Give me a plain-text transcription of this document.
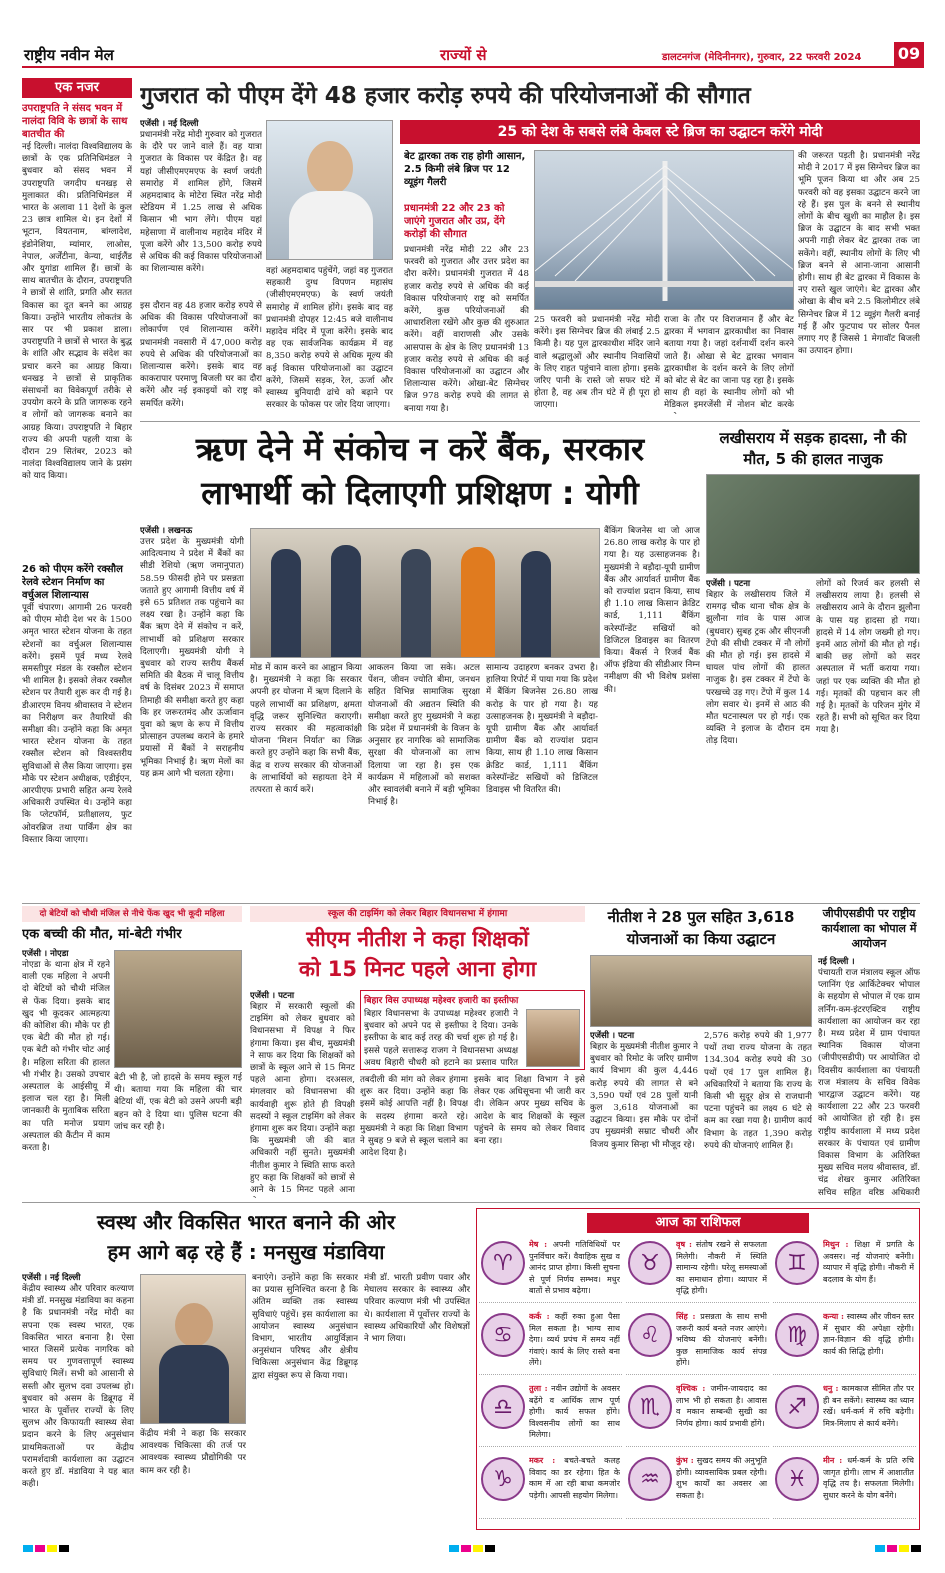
राष्ट्रीय नवीन मेल	राज्यों से	डालटनगंज (मेदिनीनगर), गुरुवार, 22 फरवरी 2024 09
एक नजर
उपराष्ट्रपति ने संसद भवन में नालंदा विवि के छात्रों के साथ बातचीत की
नई दिल्ली। नालंदा विश्वविद्यालय के छात्रों के एक प्रतिनिधिमंडल ने बुधवार को संसद भवन में उपराष्ट्रपति जगदीप धनखड़ से मुलाकात की। प्रतिनिधिमंडल में भारत के अलावा 11 देशों के कुल 23 छात्र शामिल थे। इन देशों में भूटान, वियतनाम, बांग्लादेश, इंडोनेशिया, म्यांमार, लाओस, नेपाल, अर्जेंटीना, केन्या, थाईलैंड और युगांडा शामिल हैं। छात्रों के साथ बातचीत के दौरान, उपराष्ट्रपति ने छात्रों से शांति, प्रगति और सतत विकास का दूत बनने का आग्रह किया। उन्होंने भारतीय लोकतंत्र के सार पर भी प्रकाश डाला। उपराष्ट्रपति ने छात्रों से भारत के बुद्ध के शांति और सद्भाव के संदेश का प्रचार करने का आग्रह किया। धनखड़ ने छात्रों से प्राकृतिक संसाधनों का विवेकपूर्ण तरीके से उपयोग करने के प्रति जागरूक रहने व लोगों को जागरूक बनाने का आग्रह किया। उपराष्ट्रपति ने बिहार राज्य की अपनी पहली यात्रा के दौरान 29 सितंबर, 2023 को नालंदा विश्वविद्यालय जाने के प्रसंग को याद किया।
26 को पीएम करेंगे रक्सौल रेलवे स्टेशन निर्माण का वर्चुअल शिलान्यास
पूर्वी चंपारण। आगामी 26 फरवरी को पीएम मोदी देश भर के 1500 अमृत भारत स्टेशन योजना के तहत स्टेशनों का वर्चुअल शिलान्यास करेंगे। इसमें पूर्व मध्य रेलवे समस्तीपुर मंडल के रक्सौल स्टेशन भी शामिल है। इसको लेकर रक्सौल स्टेशन पर तैयारी शुरू कर दी गई है। डीआरएम विनय श्रीवास्तव ने स्टेशन का निरीक्षण कर तैयारियों की समीक्षा की। उन्होंने कहा कि अमृत भारत स्टेशन योजना के तहत रक्सौल स्टेशन को विश्वस्तरीय सुविधाओं से लैस किया जाएगा। इस मौके पर स्टेशन अधीक्षक, एडीईएन, आरपीएफ प्रभारी सहित अन्य रेलवे अधिकारी उपस्थित थे। उन्होंने कहा कि प्लेटफॉर्म, प्रतीक्षालय, फुट ओवरब्रिज तथा पार्किंग क्षेत्र का विस्तार किया जाएगा।
गुजरात को पीएम देंगे 48 हजार करोड़ रुपये की परियोजनाओं की सौगात
एजेंसी । नई दिल्ली
प्रधानमंत्री नरेंद्र मोदी गुरुवार को गुजरात के दौरे पर जाने वाले हैं। वह यात्रा गुजरात के विकास पर केंद्रित है। वह यहां जीसीएमएमएफ के स्वर्ण जयंती समारोह में शामिल होंगे, जिसमें अहमदाबाद के मोटेरा स्थित नरेंद्र मोदी स्टेडियम में 1.25 लाख से अधिक किसान भी भाग लेंगे। पीएम यहां महेसाणा में वालीनाथ महादेव मंदिर में पूजा करेंगे और 13,500 करोड़ रुपये से अधिक की कई विकास परियोजनाओं का शिलान्यास करेंगे।	वहां अहमदाबाद पहुंचेंगे, जहां वह गुजरात सहकारी दुग्ध विपणन महासंघ (जीसीएमएमएफ) के स्वर्ण जयंती समारोह में शामिल होंगे। इसके बाद वह प्रधानमंत्री दोपहर 12:45 बजे वालीनाथ महादेव मंदिर में पूजा करेंगे। इसके बाद वह एक सार्वजनिक कार्यक्रम में वह 8,350 करोड़ रुपये से अधिक मूल्य की कई विकास परियोजनाओं का उद्घाटन करेंगे, जिसमें सड़क, रेल, ऊर्जा और स्वास्थ्य बुनियादी ढांचे को बढ़ाने पर सरकार के फोकस पर जोर दिया जाएगा।
इस दौरान वह 48 हजार करोड़ रुपये से अधिक की विकास परियोजनाओं का लोकार्पण एवं शिलान्यास करेंगे। प्रधानमंत्री नवसारी में 47,000 करोड़ रुपये से अधिक की परियोजनाओं का शिलान्यास करेंगे। इसके बाद वह काकरापार परमाणु बिजली घर का दौरा करेंगे और नई इकाइयों को राष्ट्र को समर्पित करेंगे।
25 को देश के सबसे लंबे केबल स्टे ब्रिज का उद्घाटन करेंगे मोदी
बेट द्वारका तक राह होगी आसान, 2.5 किमी लंबे ब्रिज पर 12 व्यूइंग गैलरी
प्रधानमंत्री 22 और 23 को जाएंगे गुजरात और उप्र, देंगे करोड़ों की सौगात
प्रधानमंत्री नरेंद्र मोदी 22 और 23 फरवरी को गुजरात और उत्तर प्रदेश का दौरा करेंगे। प्रधानमंत्री गुजरात में 48 हजार करोड़ रुपये से अधिक की कई विकास परियोजनाएं राष्ट्र को समर्पित करेंगे, कुछ परियोजनाओं की आधारशिला रखेंगे और कुछ की शुरुआत करेंगे। वहीं वाराणसी और उसके आसपास के क्षेत्र के लिए प्रधानमंत्री 13 हजार करोड़ रुपये से अधिक की कई विकास परियोजनाओं का उद्घाटन और शिलान्यास करेंगे। ओखा-बेट सिग्नेचर ब्रिज 978 करोड़ रुपये की लागत से बनाया गया है।
25 फरवरी को प्रधानमंत्री नरेंद्र मोदी करेंगे। इस सिग्नेचर ब्रिज की लंबाई 2.5 किमी है। यह पुल द्वारकाधीश मंदिर जाने वाले श्रद्धालुओं और स्थानीय निवासियों के लिए राहत पहुंचाने वाला होगा। इसके जरिए पानी के रास्ते जो सफर घंटे में होता है, वह अब तीन घंटे में ही पूरा हो जाएगा।
राजा के तौर पर विराजमान हैं और बेट द्वारका में भगवान द्वारकाधीश का निवास बताया गया है। जहां दर्शनार्थी दर्शन करने जाते हैं। ओखा से बेट द्वारका भगवान द्वारकाधीश के दर्शन करने के लिए लोगों को बोट से बेट का जाना पड़ रहा है। इसके साथ ही वहां के स्थानीय लोगों को भी मेडिकल इमरजेंसी में नोशन बोट करके
की जरूरत पड़ती है। प्रधानमंत्री नरेंद्र मोदी ने 2017 में इस सिग्नेचर ब्रिज का भूमि पूजन किया था और अब 25 फरवरी को वह इसका उद्घाटन करने जा रहे हैं। इस पुल के बनने से स्थानीय लोगों के बीच खुशी का माहौल है। इस ब्रिज के उद्घाटन के बाद सभी भक्त अपनी गाड़ी लेकर बेट द्वारका तक जा सकेंगे। वहीं, स्थानीय लोगों के लिए भी ब्रिज बनने से आना-जाना आसानी होगी। साथ ही बेट द्वारका में विकास के नए रास्ते खुल जाएंगे। बेट द्वारका और ओखा के बीच बने 2.5 किलोमीटर लंबे सिग्नेचर ब्रिज में 12 व्यूइंग गैलरी बनाई गई हैं और फुटपाथ पर सोलर पैनल लगाए गए हैं जिससे 1 मेगावॉट बिजली का उत्पादन होगा।
ऋण देने में संकोच न करें बैंक, सरकार
लाभार्थी को दिलाएगी प्रशिक्षण : योगी
एजेंसी । लखनऊ
उत्तर प्रदेश के मुख्यमंत्री योगी आदित्यनाथ ने प्रदेश में बैंकों का सीडी रेशियो (ऋण जमानुपात) 58.59 फीसदी होने पर प्रसन्नता जताते हुए आगामी वित्तीय वर्ष में इसे 65 प्रतिशत तक पहुंचाने का लक्ष्य रखा है। उन्होंने कहा कि बैंक ऋण देने में संकोच न करें, लाभार्थी को प्रशिक्षण सरकार दिलाएगी। मुख्यमंत्री योगी ने बुधवार को राज्य स्तरीय बैंकर्स समिति की बैठक में चालू वित्तीय वर्ष के दिसंबर 2023 में समाप्त तिमाही की समीक्षा करते हुए कहा कि हर जरूरतमंद और ऊर्जावान युवा को ऋण के रूप में वित्तीय प्रोत्साहन उपलब्ध कराने के हमारे प्रयासों में बैंकों ने सराहनीय भूमिका निभाई है। ऋण मेलों का यह क्रम आगे भी चलता रहेगा।
मोड में काम करने का आह्वान किया है। मुख्यमंत्री ने कहा कि सरकार अपनी हर योजना में ऋण दिलाने के पहले लाभार्थी का प्रशिक्षण, क्षमता वृद्धि जरूर सुनिश्चित कराएगी। राज्य सरकार की महत्वाकांक्षी योजना 'मिशन निर्यात' का जिक्र करते हुए उन्होंने कहा कि सभी बैंक, केंद्र व राज्य सरकार की योजनाओं के लाभार्थियों को सहायता देने में तत्परता से कार्य करें।
आकलन किया जा सके। अटल पेंशन, जीवन ज्योति बीमा, जनधन सहित विभिन्न सामाजिक सुरक्षा योजनाओं की अद्यतन स्थिति की समीक्षा करते हुए मुख्यमंत्री ने कहा कि प्रदेश में प्रधानमंत्री के विजन के अनुसार हर नागरिक को सामाजिक सुरक्षा की योजनाओं का लाभ दिलाया जा रहा है। इस एक कार्यक्रम में महिलाओं को सशक्त और स्वावलंबी बनाने में बड़ी भूमिका निभाई है।
सामान्य उदाहरण बनकर उभरा है। हालिया रिपोर्ट में पाया गया कि प्रदेश में बैंकिंग बिजनेस 26.80 लाख करोड़ के पार हो गया है। यह उत्साहजनक है। मुख्यमंत्री ने बड़ौदा-यूपी ग्रामीण बैंक और आर्यावर्त ग्रामीण बैंक को राज्यांश प्रदान किया, साथ ही 1.10 लाख किसान क्रेडिट कार्ड, 1,111 बैंकिंग करेस्पॉन्डेंट सखियों को डिजिटल डिवाइस भी वितरित की।
बैंकिंग बिजनेस था जो आज 26.80 लाख करोड़ के पार हो गया है। यह उत्साहजनक है। मुख्यमंत्री ने बड़ौदा-यूपी ग्रामीण बैंक और आर्यावर्त ग्रामीण बैंक को राज्यांश प्रदान किया, साथ ही 1.10 लाख किसान क्रेडिट कार्ड, 1,111 बैंकिंग करेस्पॉन्डेंट सखियों को डिजिटल डिवाइस का वितरण किया। बैंकर्स ने रिजर्व बैंक ऑफ इंडिया की सीडीआर निम्न नमीक्षण की भी विशेष प्रशंसा की।
लखीसराय में सड़क हादसा, नौ की मौत, 5 की हालत नाजुक
एजेंसी । पटना
बिहार के लखीसराय जिले में रामगढ़ चौक थाना चौक क्षेत्र के झुलौना गांव के पास आज (बुधवार) सुबह ट्रक और सीएनजी टेंपो की सीधी टक्कर में नौ लोगों की मौत हो गई। इस हादसे में घायल पांच लोगों की हालत नाजुक है। इस टक्कर में टेंपो के परखच्चे उड़ गए। टेंपो में कुल 14 लोग सवार थे। इनमें से आठ की मौत घटनास्थल पर हो गई। एक व्यक्ति ने इलाज के दौरान दम तोड़ दिया।
लोगों को रिजर्व कर हलसी से लखीसराय लाया है। हलसी से लखीसराय आने के दौरान झुलौना के पास यह हादसा हो गया। हादसे में 14 लोग जख्मी हो गए। इनमें आठ लोगों की मौत हो गई। बाकी छह लोगों को सदर अस्पताल में भर्ती कराया गया। जहां पर एक व्यक्ति की मौत हो गई। मृतकों की पहचान कर ली गई है। मृतकों के परिजन मुंगेर में रहते हैं। सभी को सूचित कर दिया गया है।
दो बेटियों को चौथी मंजिल से नीचे फेंक खुद भी कूदी महिला
एक बच्ची की मौत, मां-बेटी गंभीर
एजेंसी । नोएडा
नोएडा के थाना क्षेत्र में रहने वाली एक महिला ने अपनी दो बेटियों को चौथी मंजिल से फेंक दिया। इसके बाद खुद भी कूदकर आत्महत्या की कोशिश की। मौके पर ही एक बेटी की मौत हो गई। एक बेटी को गंभीर चोट आई है। महिला सरिता की हालत भी गंभीर है। उसको उपचार अस्पताल के आईसीयू में इलाज चल रहा है। मिली जानकारी के मुताबिक सरिता का पति मनोज प्रयाग अस्पताल की कैंटीन में काम करता है।
बेटी भी है, जो हादसे के समय स्कूल गई थी। बताया गया कि महिला की चार बेटियां थीं, एक बेटी को उसने अपनी बड़ी बहन को दे दिया था। पुलिस घटना की जांच कर रही है।
स्कूल की टाइमिंग को लेकर बिहार विधानसभा में हंगामा
सीएम नीतीश ने कहा शिक्षकों
को 15 मिनट पहले आना होगा
एजेंसी । पटना
बिहार में सरकारी स्कूलों की टाइमिंग को लेकर बुधवार को विधानसभा में विपक्ष ने फिर हंगामा किया। इस बीच, मुख्यमंत्री ने साफ कर दिया कि शिक्षकों को छात्रों के स्कूल आने से 15 मिनट पहले आना होगा। दरअसल, मंगलवार को विधानसभा की कार्यवाही शुरू होते ही विपक्षी सदस्यों ने स्कूल टाइमिंग को लेकर हंगामा शुरू कर दिया। उन्होंने कहा कि मुख्यमंत्री जी की बात अधिकारी नहीं सुनते। मुख्यमंत्री नीतीश कुमार ने स्थिति साफ करते हुए कहा कि शिक्षकों को छात्रों से आने के 15 मिनट पहले आना
बिहार विस उपाध्यक्ष महेश्वर हजारी का इस्तीफा
बिहार विधानसभा के उपाध्यक्ष महेश्वर हजारी ने बुधवार को अपने पद से इस्तीफा दे दिया। उनके इस्तीफा के बाद कई तरह की चर्चा शुरू हो गई है। इससे पहले सत्तारूढ़ राजग ने विधानसभा अध्यक्ष अवध बिहारी चौधरी को हटाने का प्रस्ताव पारित
तबदीली की मांग को लेकर हंगामा शुरू कर दिया। उन्होंने कहा कि इसमें कोई आपत्ति नहीं है। विपक्ष के सदस्य हंगामा करते रहे। मुख्यमंत्री ने कहा कि शिक्षा विभाग ने सुबह 9 बजे से स्कूल चलाने का आदेश दिया है।
इसके बाद शिक्षा विभाग ने इसे लेकर एक अधिसूचना भी जारी कर दी। लेकिन अपर मुख्य सचिव के आदेश के बाद शिक्षकों के स्कूल पहुंचने के समय को लेकर विवाद बना रहा।
नीतीश ने 28 पुल सहित 3,618
योजनाओं का किया उद्घाटन
एजेंसी । पटना
बिहार के मुख्यमंत्री नीतीश कुमार ने बुधवार को रिमोट के जरिए ग्रामीण कार्य विभाग की कुल 4,446 करोड़ रुपये की लागत से बने 3,590 पथों एवं 28 पुलों यानी कुल 3,618 योजनाओं का उद्घाटन किया। इस मौके पर दोनों उप मुख्यमंत्री सम्राट चौधरी और विजय कुमार सिन्हा भी मौजूद रहे।
2,576 करोड़ रुपये की 1,977 पथों तथा राज्य योजना के तहत 134.304 करोड़ रुपये की 30 पथों एवं 17 पुल शामिल हैं। अधिकारियों ने बताया कि राज्य के किसी भी सुदूर क्षेत्र से राजधानी पटना पहुंचने का लक्ष्य 6 घंटे से कम का रखा गया है। ग्रामीण कार्य विभाग के तहत 1,390 करोड़ रुपये की योजनाएं शामिल हैं।
जीपीएसडीपी पर राष्ट्रीय कार्यशाला का भोपाल में आयोजन
नई दिल्ली ।
पंचायती राज मंत्रालय स्कूल ऑफ प्लानिंग एंड आर्किटेक्चर भोपाल के सहयोग से भोपाल में एक ग्राम लर्निंग-कम-इंटरएक्टिव राष्ट्रीय कार्यशाला का आयोजन कर रहा है। मध्य प्रदेश में ग्राम पंचायत स्थानिक विकास योजना (जीपीएसडीपी) पर आयोजित दो दिवसीय कार्यशाला का पंचायती राज मंत्रालय के सचिव विवेक भारद्वाज उद्घाटन करेंगे। यह कार्यशाला 22 और 23 फरवरी को आयोजित हो रही है। इस राष्ट्रीय कार्यशाला में मध्य प्रदेश सरकार के पंचायत एवं ग्रामीण विकास विभाग के अतिरिक्त मुख्य सचिव मलय श्रीवास्तव, डॉ. चंद्र शेखर कुमार अतिरिक्त सचिव सहित वरिष्ठ अधिकारी
स्वस्थ और विकसित भारत बनाने की ओर
हम आगे बढ़ रहे हैं : मनसुख मंडाविया
एजेंसी । नई दिल्ली
केंद्रीय स्वास्थ्य और परिवार कल्याण मंत्री डॉ. मनसुख मंडाविया का कहना है कि प्रधानमंत्री नरेंद्र मोदी का सपना एक स्वस्थ भारत, एक विकसित भारत बनाना है। ऐसा भारत जिसमें प्रत्येक नागरिक को समय पर गुणवत्तापूर्ण स्वास्थ्य सुविधाएं मिलें। सभी को आसानी से सस्ती और सुलभ दवा उपलब्ध हो। बुधवार को असम के डिब्रूगढ़ में भारत के पूर्वोत्तर राज्यों के लिए सुलभ और किफायती स्वास्थ्य सेवा प्रदान करने के लिए अनुसंधान प्राथमिकताओं पर केंद्रीय परामर्शदात्री कार्यशाला का उद्घाटन करते हुए डॉ. मंडाविया ने यह बात कही।
केंद्रीय मंत्री ने कहा कि सरकार आवश्यक चिकित्सा की तर्ज पर आवश्यक स्वास्थ्य प्रौद्योगिकी पर काम कर रही है।
बनाएंगे। उन्होंने कहा कि सरकार का प्रयास सुनिश्चित करना है कि अंतिम व्यक्ति तक स्वास्थ्य सुविधाएं पहुंचें। इस कार्यशाला का आयोजन स्वास्थ्य अनुसंधान विभाग, भारतीय आयुर्विज्ञान अनुसंधान परिषद और क्षेत्रीय चिकित्सा अनुसंधान केंद्र डिब्रूगढ़ द्वारा संयुक्त रूप से किया गया।
मंत्री डॉ. भारती प्रवीण पवार और मेघालय सरकार के स्वास्थ्य और परिवार कल्याण मंत्री भी उपस्थित थे। कार्यशाला में पूर्वोत्तर राज्यों के स्वास्थ्य अधिकारियों और विशेषज्ञों ने भाग लिया।
आज का राशिफल
♈
मेष : अपनी गतिविधियों पर पुनर्विचार करें। वैवाहिक सुख व आनंद प्राप्त होगा। किसी सुचना से पूर्ण निर्णय सम्भव। मधुर बातों से प्रभाव बढ़ेगा।
♉
वृष : संतोष रखने से सफलता मिलेगी। नौकरी में स्थिति सामान्य रहेगी। घरेलू समस्याओं का समाधान होगा। व्यापार में वृद्धि होगी।
♊
मिथुन : शिक्षा में प्रगति के अवसर। नई योजनाएं बनेंगी। व्यापार में वृद्धि होगी। नौकरी में बदलाव के योग हैं।
♋
कर्क : कहीं रुका हुआ पैसा मिल सकता है। भाग्य साथ देगा। व्यर्थ प्रपंच में समय नहीं गंवाएं। कार्य के लिए रास्ते बना लेंगे।
♌
सिंह : प्रसन्नता के साथ सभी जरूरी कार्य बनते नजर आएंगे। भविष्य की योजनाएं बनेंगी। कुछ सामाजिक कार्य संपन्न होंगे।
♍
कन्या : स्वास्थ्य और जीवन स्तर में सुधार की अपेक्षा रहेगी। ज्ञान-विज्ञान की वृद्धि होगी। कार्य की सिद्धि होगी।
♎
तुला : नवीन उद्योगों के अवसर बढ़ेंगे व आर्थिक लाभ पूर्ण होगी। कार्य सफल होंगे। विश्वसनीय लोगों का साथ मिलेगा।
♏
वृश्चिक : जमीन-जायदाद का लाभ भी हो सकता है। आवास व मकान सम्बन्धी सुखी का निर्णय होगा। कार्य प्रभावी होंगे।
♐
धनु : कामकाज सीमित तौर पर ही बन सकेंगे। स्वास्थ्य का ध्यान रखें। धर्म-कर्म में रुचि बढ़ेगी। मित्र-मिलाप से कार्य बनेंगे।
♑
मकर : बचते-बचते कलह विवाद का डर रहेगा। हित के काम में आ रही बाधा कमजोर पड़ेगी। आपसी सहयोग मिलेगा।
♒
कुंभ : सुखद समय की अनुभूति होगी। व्यावसायिक प्रबल रहेगी। शुभ कार्यों का अवसर आ सकता है।
♓
मीन : धर्म-कर्म के प्रति रुचि जागृत होगी। लाभ में आशातीत वृद्धि तय है। सफलता मिलेगी। सुधार करने के योग बनेंगे।
